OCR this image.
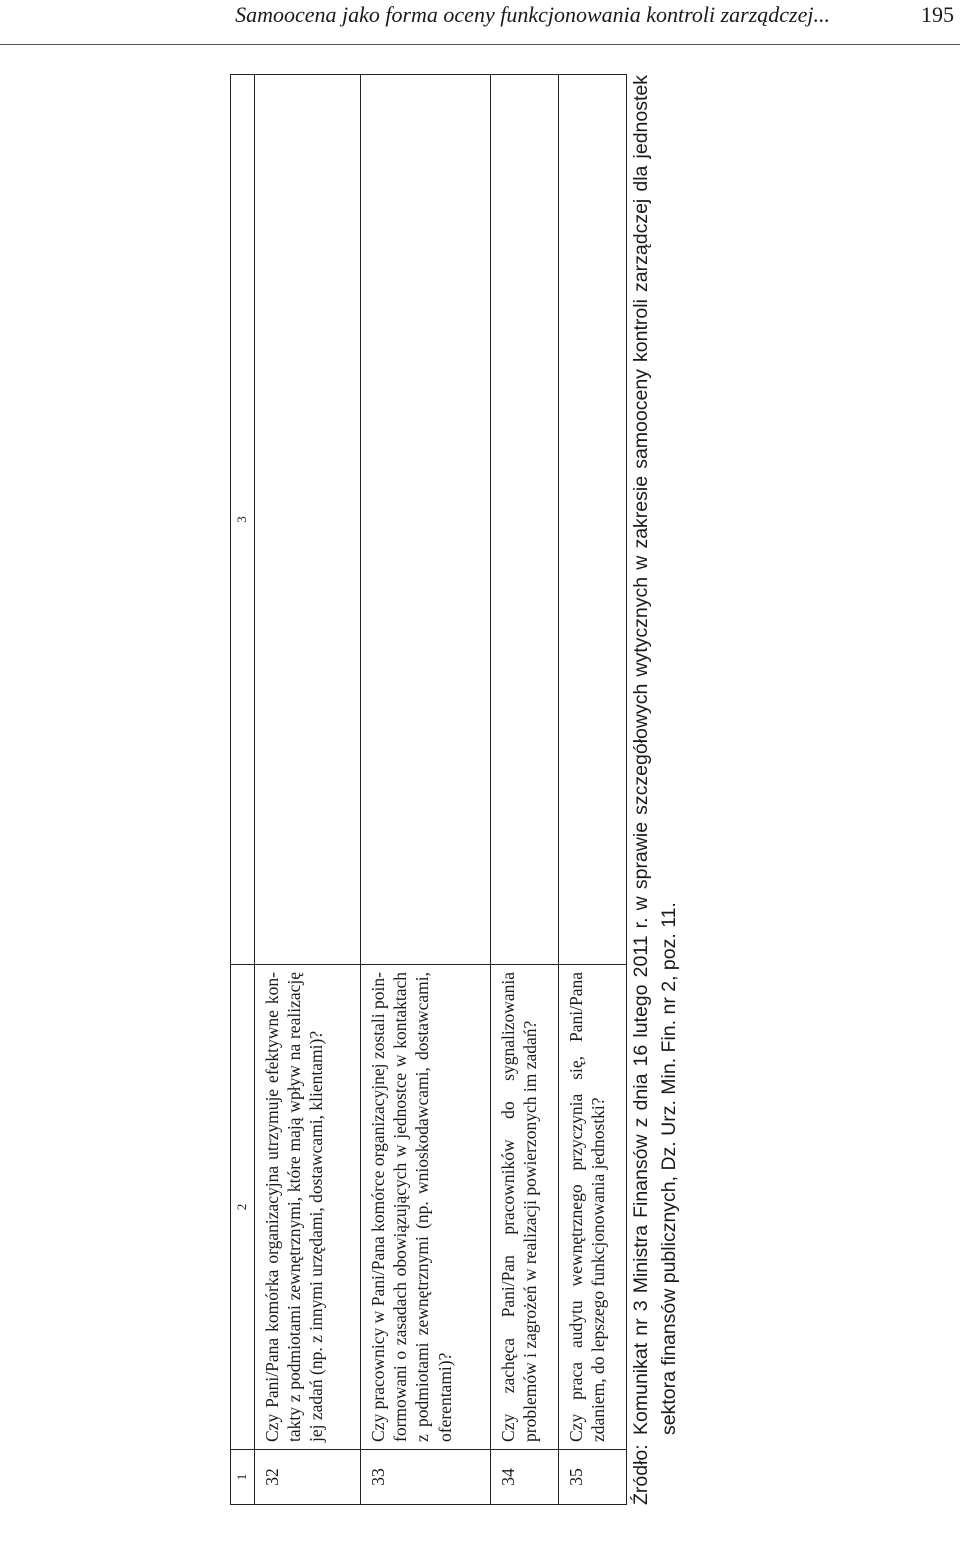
Samoocena jako forma oceny funkcjonowania kontroli zarządczej...	195
1	2	3
32	Czy Pani/Pana komórka organizacyjna utrzymuje efektywne kon- takty z podmiotami zewnętrznymi, które mają wpływ na realizację jej zadań (np. z innymi urzędami, dostawcami, klientami)?	
33	Czy pracownicy w Pani/Pana komórce organizacyjnej zostali poin- formowani o zasadach obowiązujących w jednostce w kontaktach z podmiotami zewnętrznymi (np. wnioskodawcami, dostawcami, oferentami)?	
34	Czy zachęca Pani/Pan pracowników do sygnalizowania problemów i zagrożeń w realizacji powierzonych im zadań?	
35	Czy praca audytu wewnętrznego przyczynia się, Pani/Pana zdaniem, do lepszego funkcjonowania jednostki?	
Źródło:
Komunikat nr 3 Ministra Finansów z dnia 16 lutego 2011 r. w sprawie szczegółowych wytycznych w zakresie samooceny kontroli zarządczej dla jednostek sektora finansów publicznych, Dz. Urz. Min. Fin. nr 2, poz. 11.
